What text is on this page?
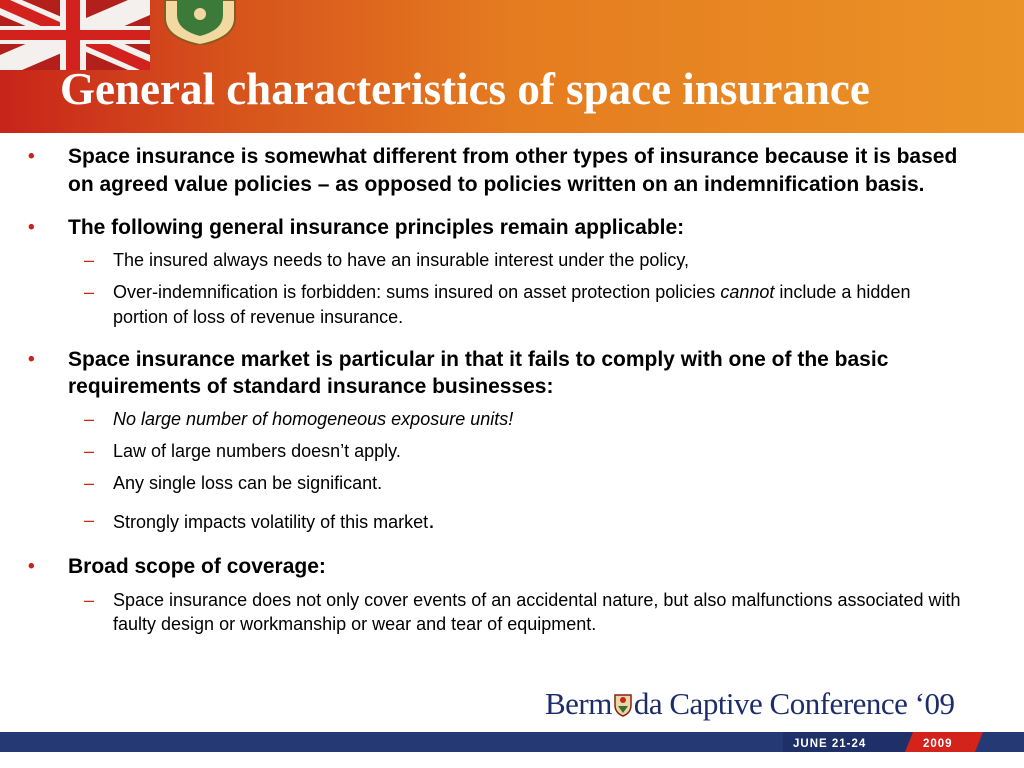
General characteristics of space insurance

• Space insurance is somewhat different from other types of insurance because it is based on agreed value policies – as opposed to policies written on an indemnification basis.

• The following general insurance principles remain applicable:

– The insured always needs to have an insurable interest under the policy,

– Over-indemnification is forbidden: sums insured on asset protection policies cannot include a hidden portion of loss of revenue insurance.

• Space insurance market is particular in that it fails to comply with one of the basic requirements of standard insurance businesses:

– No large number of homogeneous exposure units!

– Law of large numbers doesn’t apply.

– Any single loss can be significant.

– Strongly impacts volatility of this market.

• Broad scope of coverage:

– Space insurance does not only cover events of an accidental nature, but also malfunctions associated with faulty design or workmanship or wear and tear of equipment.

Berm da Captive Conference ‘09
JUNE 21-24	2009
